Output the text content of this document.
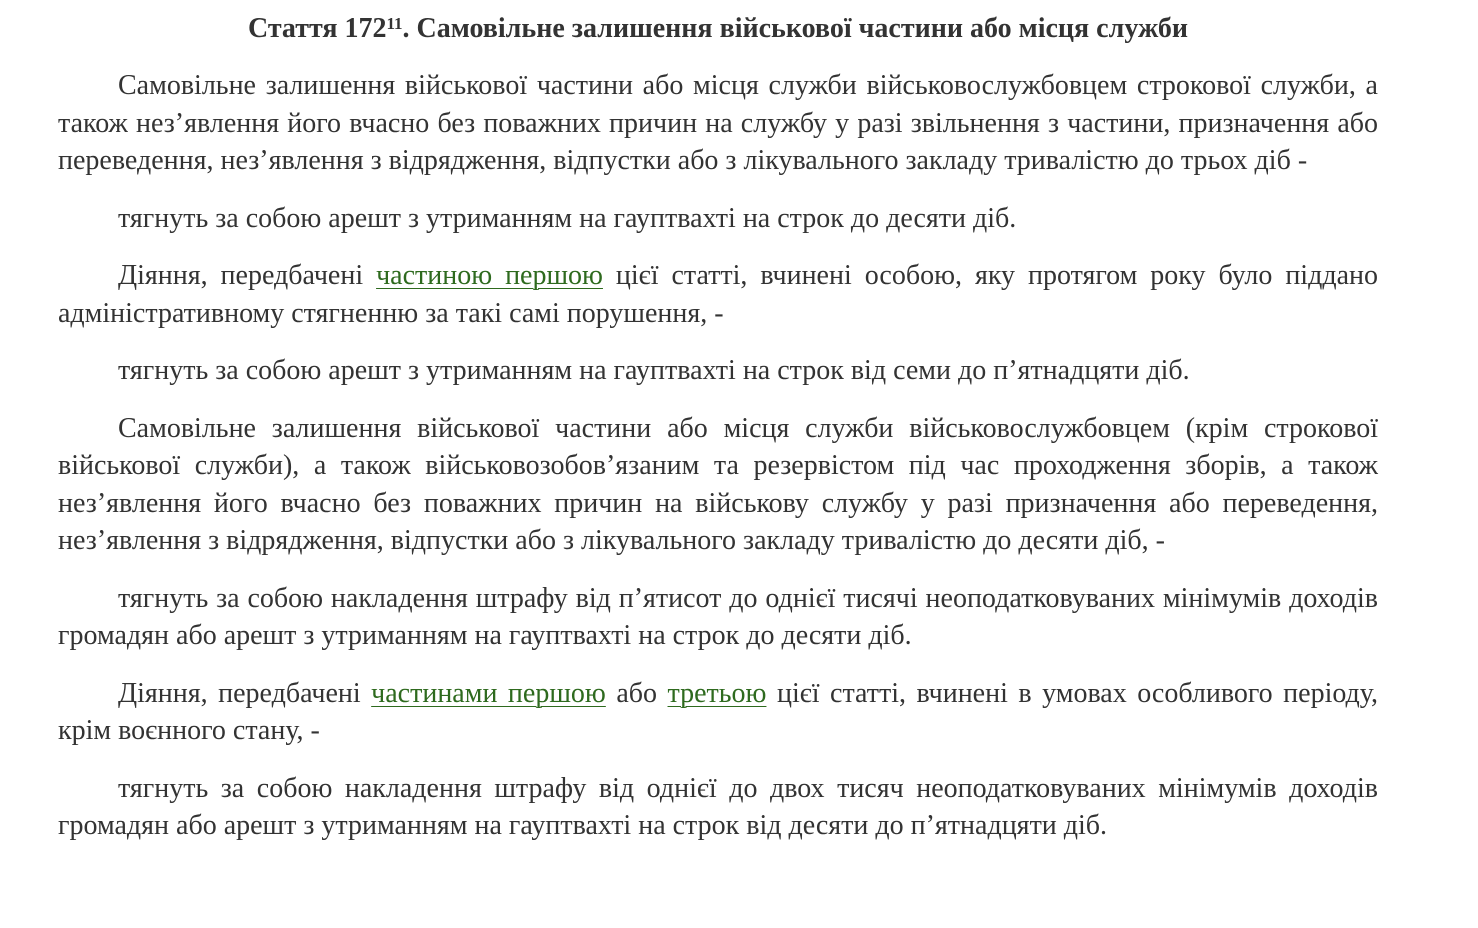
Стаття $172^{11}$. Самовільне залишення військової частини або місця служби

Самовільне залишення військової частини або місця служби військовослужбовцем строкової служби, а також нез’явлення його вчасно без поважних причин на службу у разі звільнення з частини, призначення або переведення, нез’явлення з відрядження, відпустки або з лікувального закладу тривалістю до трьох діб -

тягнуть за собою арешт з утриманням на гауптвахті на строк до десяти діб.

Діяння, передбачені частиною першою цієї статті, вчинені особою, яку протягом року було піддано адміністративному стягненню за такі самі порушення, -

тягнуть за собою арешт з утриманням на гауптвахті на строк від семи до п’ятнадцяти діб.

Самовільне залишення військової частини або місця служби військовослужбовцем (крім строкової військової служби), а також військовозобов’язаним та резервістом під час проходження зборів, а також нез’явлення його вчасно без поважних причин на військову службу у разі призначення або переведення, нез’явлення з відрядження, відпустки або з лікувального закладу тривалістю до десяти діб, -

тягнуть за собою накладення штрафу від п’ятисот до однієї тисячі неоподатковуваних мінімумів доходів громадян або арешт з утриманням на гауптвахті на строк до десяти діб.

Діяння, передбачені частинами першою або третьою цієї статті, вчинені в умовах особливого періоду, крім воєнного стану, -

тягнуть за собою накладення штрафу від однієї до двох тисяч неоподатковуваних мінімумів доходів громадян або арешт з утриманням на гауптвахті на строк від десяти до п’ятнадцяти діб.
